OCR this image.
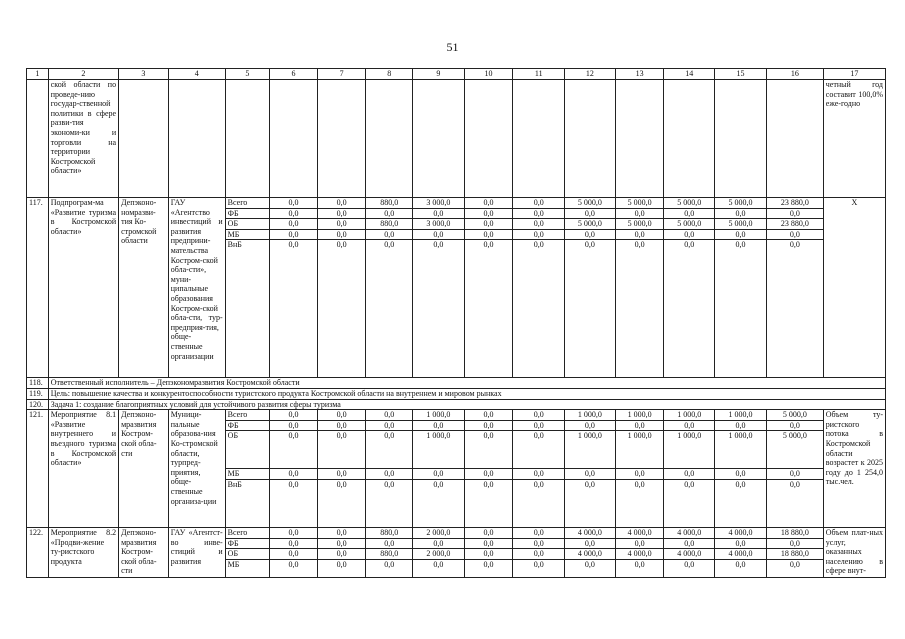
51
1	2	3	4	5	6	7	8	9	10	11	12	13	14	15	16	17
	ской области по проведе-нию государ-ственной политики в сфере разви-тия экономи-ки и торговли на территории Костромской области»															четный год составит 100,0% еже-годно
117.	Подпрограм-ма «Развитие туризма в Костромской области»	Депэконо-номразви-тия Ко-стромской области	ГАУ «Агентство инвестиций и развития предприни-мательства Костром-ской обла-сти», муни-ципальные образования Костром-ской обла-сти, тур-предприя-тия, обще-ственные организации	Всего	0,0	0,0	880,0	3 000,0	0,0	0,0	5 000,0	5 000,0	5 000,0	5 000,0	23 880,0	Х
				ФБ	0,0	0,0	0,0	0,0	0,0	0,0	0,0	0,0	0,0	0,0	0,0	
				ОБ	0,0	0,0	880,0	3 000,0	0,0	0,0	5 000,0	5 000,0	5 000,0	5 000,0	23 880,0	
				МБ	0,0	0,0	0,0	0,0	0,0	0,0	0,0	0,0	0,0	0,0	0,0	
				ВнБ	0,0	0,0	0,0	0,0	0,0	0,0	0,0	0,0	0,0	0,0	0,0	
118.	Ответственный исполнитель – Депэкономразвития Костромской области															
119.	Цель: повышение качества и конкурентоспособности туристского продукта Костромской области на внутреннем и мировом рынках															
120.	Задача 1: создание благоприятных условий для устойчивого развития сферы туризма															
121.	Мероприятие 8.1 «Развитие внутреннего и въездного туризма в Костромской области»	Депэконо-мразвития Костром-ской обла-сти	Муници-пальные образова-ния Ко-стромской области, турпред-приятия, обще-ственные организа-ции	Всего	0,0	0,0	0,0	1 000,0	0,0	0,0	1 000,0	1 000,0	1 000,0	1 000,0	5 000,0	Объем ту-ристского потока в Костромской области возрастет к 2025 году до 1 254,0 тыс.чел.
				ФБ	0,0	0,0	0,0	0,0	0,0	0,0	0,0	0,0	0,0	0,0	0,0	
				ОБ	0,0	0,0	0,0	1 000,0	0,0	0,0	1 000,0	1 000,0	1 000,0	1 000,0	5 000,0	
				МБ	0,0	0,0	0,0	0,0	0,0	0,0	0,0	0,0	0,0	0,0	0,0	
				ВнБ	0,0	0,0	0,0	0,0	0,0	0,0	0,0	0,0	0,0	0,0	0,0	
122.	Мероприятие 8.2 «Продви-жение ту-ристского продукта	Депэконо-мразвития Костром-ской обла-сти	ГАУ «Агентст-во инве-стиций и развития	Всего	0,0	0,0	880,0	2 000,0	0,0	0,0	4 000,0	4 000,0	4 000,0	4 000,0	18 880,0	Объем плат-ных услуг, оказанных населению в сфере внут-
				ФБ	0,0	0,0	0,0	0,0	0,0	0,0	0,0	0,0	0,0	0,0	0,0	
				ОБ	0,0	0,0	880,0	2 000,0	0,0	0,0	4 000,0	4 000,0	4 000,0	4 000,0	18 880,0	
				МБ	0,0	0,0	0,0	0,0	0,0	0,0	0,0	0,0	0,0	0,0	0,0	
